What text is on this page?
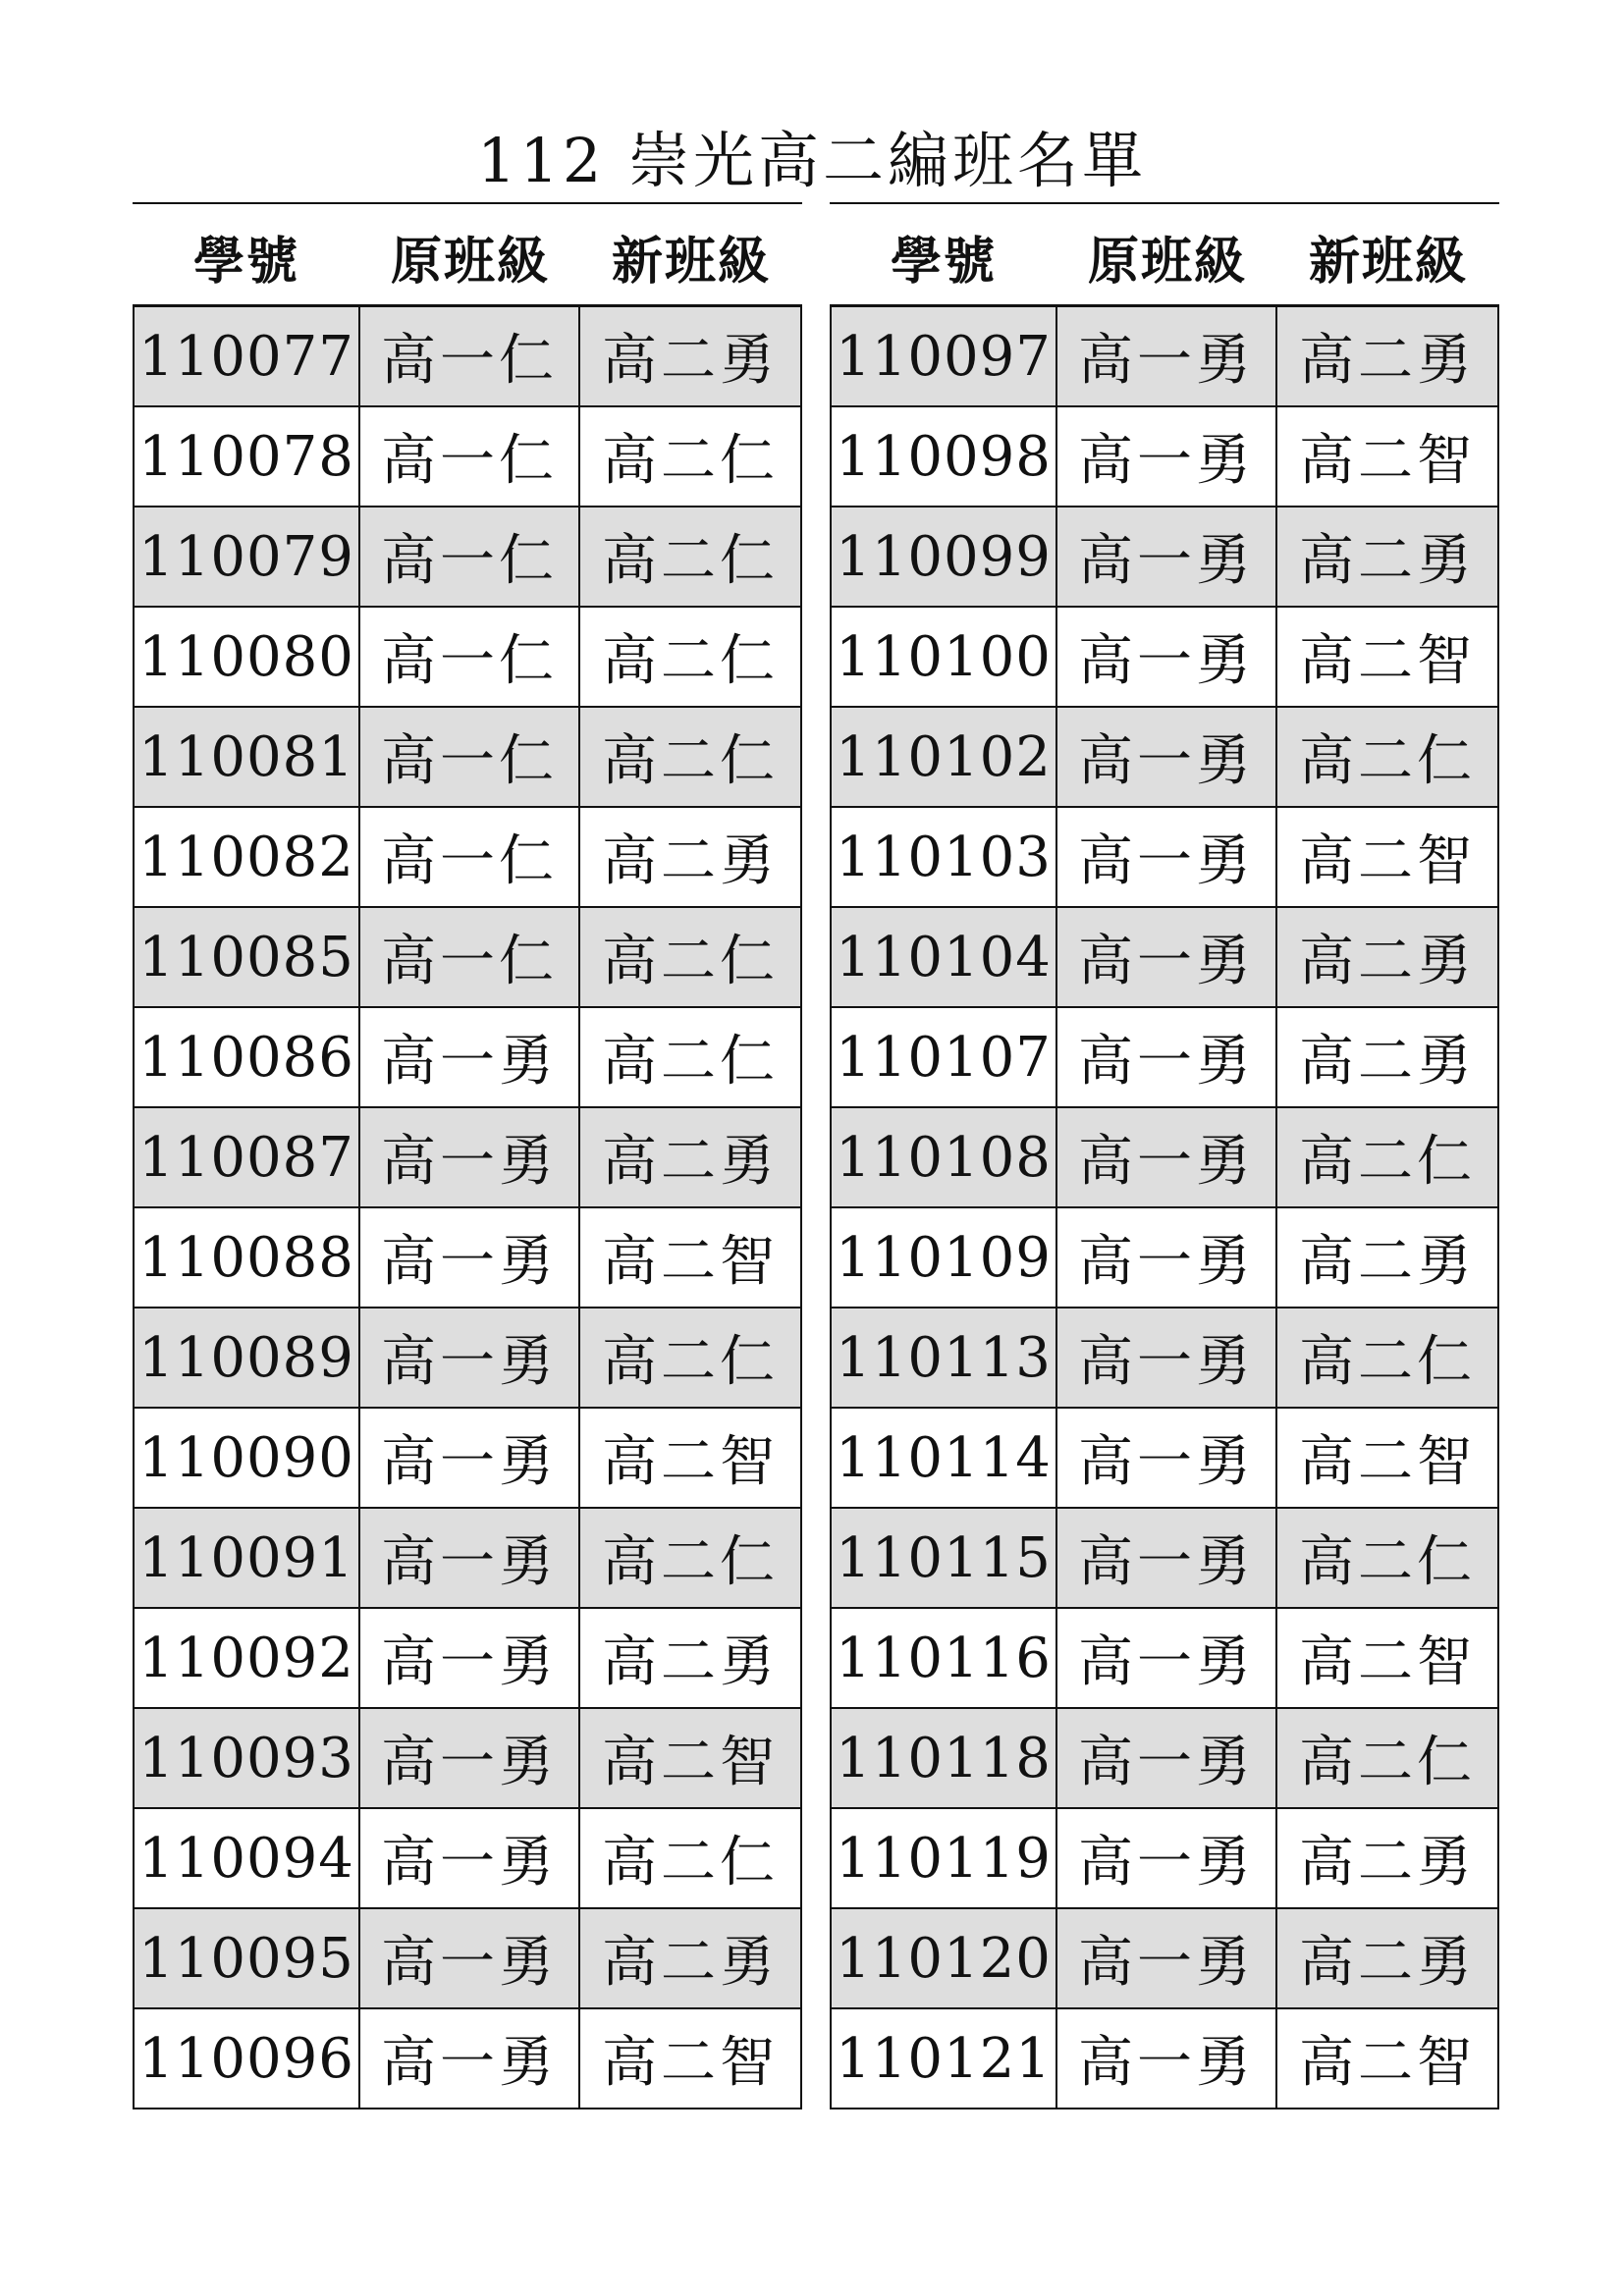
112 崇光高二編班名單
學號	原班級	新班級
110077 高一仁 高二勇
110078 高一仁 高二仁
110079 高一仁 高二仁
110080 高一仁 高二仁
110081 高一仁 高二仁
110082 高一仁 高二勇
110085 高一仁 高二仁
110086 高一勇 高二仁
110087 高一勇 高二勇
110088 高一勇 高二智
110089 高一勇 高二仁
110090 高一勇 高二智
110091 高一勇 高二仁
110092 高一勇 高二勇
110093 高一勇 高二智
110094 高一勇 高二仁
110095 高一勇 高二勇
110096 高一勇 高二智
學號	原班級	新班級
110097 高一勇 高二勇
110098 高一勇 高二智
110099 高一勇 高二勇
110100 高一勇 高二智
110102 高一勇 高二仁
110103 高一勇 高二智
110104 高一勇 高二勇
110107 高一勇 高二勇
110108 高一勇 高二仁
110109 高一勇 高二勇
110113 高一勇 高二仁
110114 高一勇 高二智
110115 高一勇 高二仁
110116 高一勇 高二智
110118 高一勇 高二仁
110119 高一勇 高二勇
110120 高一勇 高二勇
110121 高一勇 高二智
